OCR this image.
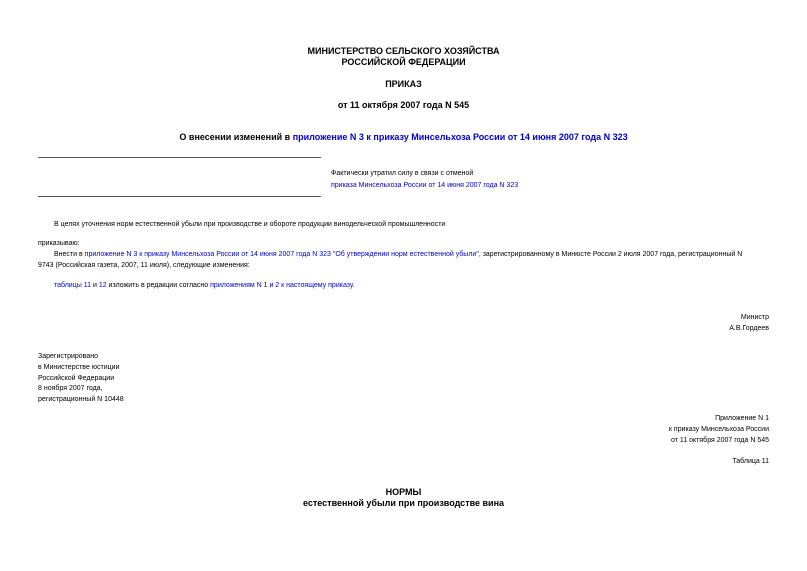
МИНИСТЕРСТВО СЕЛЬСКОГО ХОЗЯЙСТВА
РОССИЙСКОЙ ФЕДЕРАЦИИ
ПРИКАЗ
от 11 октября 2007 года N 545
О внесении изменений в приложение N 3 к приказу Минсельхоза России от 14 июня 2007 года N 323
Фактически утратил силу в связи с отменой
приказа Минсельхоза России от 14 июня 2007 года N 323
В целях уточнения норм естественной убыли при производстве и обороте продукции винодельческой промышленности
приказываю:
Внести в приложение N 3 к приказу Минсельхоза России от 14 июня 2007 года N 323 "Об утверждении норм естественной убыли", зарегистрированному в Минюсте России 2 июля 2007 года, регистрационный N
9743 (Российская газета, 2007, 11 июля), следующие изменения:
таблицы 11 и 12 изложить в редакции согласно приложениям N 1 и 2 к настоящему приказу.
Министр
А.В.Гордеев
Зарегистрировано
в Министерстве юстиции
Российской Федерации
8 ноября 2007 года,
регистрационный N 10448
Приложение N 1
к приказу Минсельхоза России
от 11 октября 2007 года N 545
Таблица 11
НОРМЫ
естественной убыли при производстве вина
